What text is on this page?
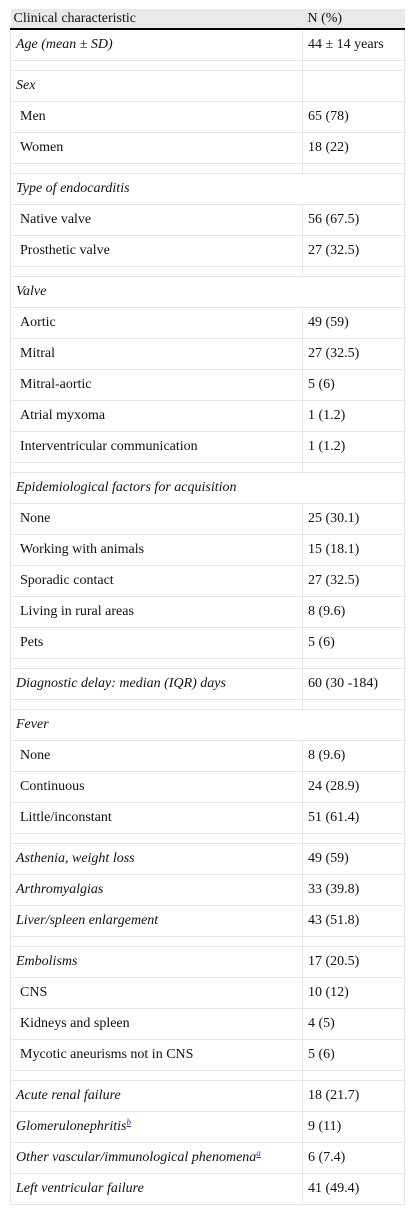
Clinical characteristic	N (%)
Age (mean ± SD)	44 ± 14 years

Sex	
Men	65 (78)
Women	18 (22)

Type of endocarditis	
Native valve	56 (67.5)
Prosthetic valve	27 (32.5)

Valve	
Aortic	49 (59)
Mitral	27 (32.5)
Mitral-aortic	5 (6)
Atrial myxoma	1 (1.2)
Interventricular communication	1 (1.2)

Epidemiological factors for acquisition	
None	25 (30.1)
Working with animals	15 (18.1)
Sporadic contact	27 (32.5)
Living in rural areas	8 (9.6)
Pets	5 (6)

Diagnostic delay: median (IQR) days	60 (30 -184)

Fever	
None	8 (9.6)
Continuous	24 (28.9)
Little/inconstant	51 (61.4)

Asthenia, weight loss	49 (59)
Arthromyalgias	33 (39.8)
Liver/spleen enlargement	43 (51.8)

Embolisms	17 (20.5)
CNS	10 (12)
Kidneys and spleen	4 (5)
Mycotic aneurisms not in CNS	5 (6)

Acute renal failure	18 (21.7)
Glomerulonephritis$^b$	9 (11)
Other vascular/immunological phenomena$^a$	6 (7.4)
Left ventricular failure	41 (49.4)
